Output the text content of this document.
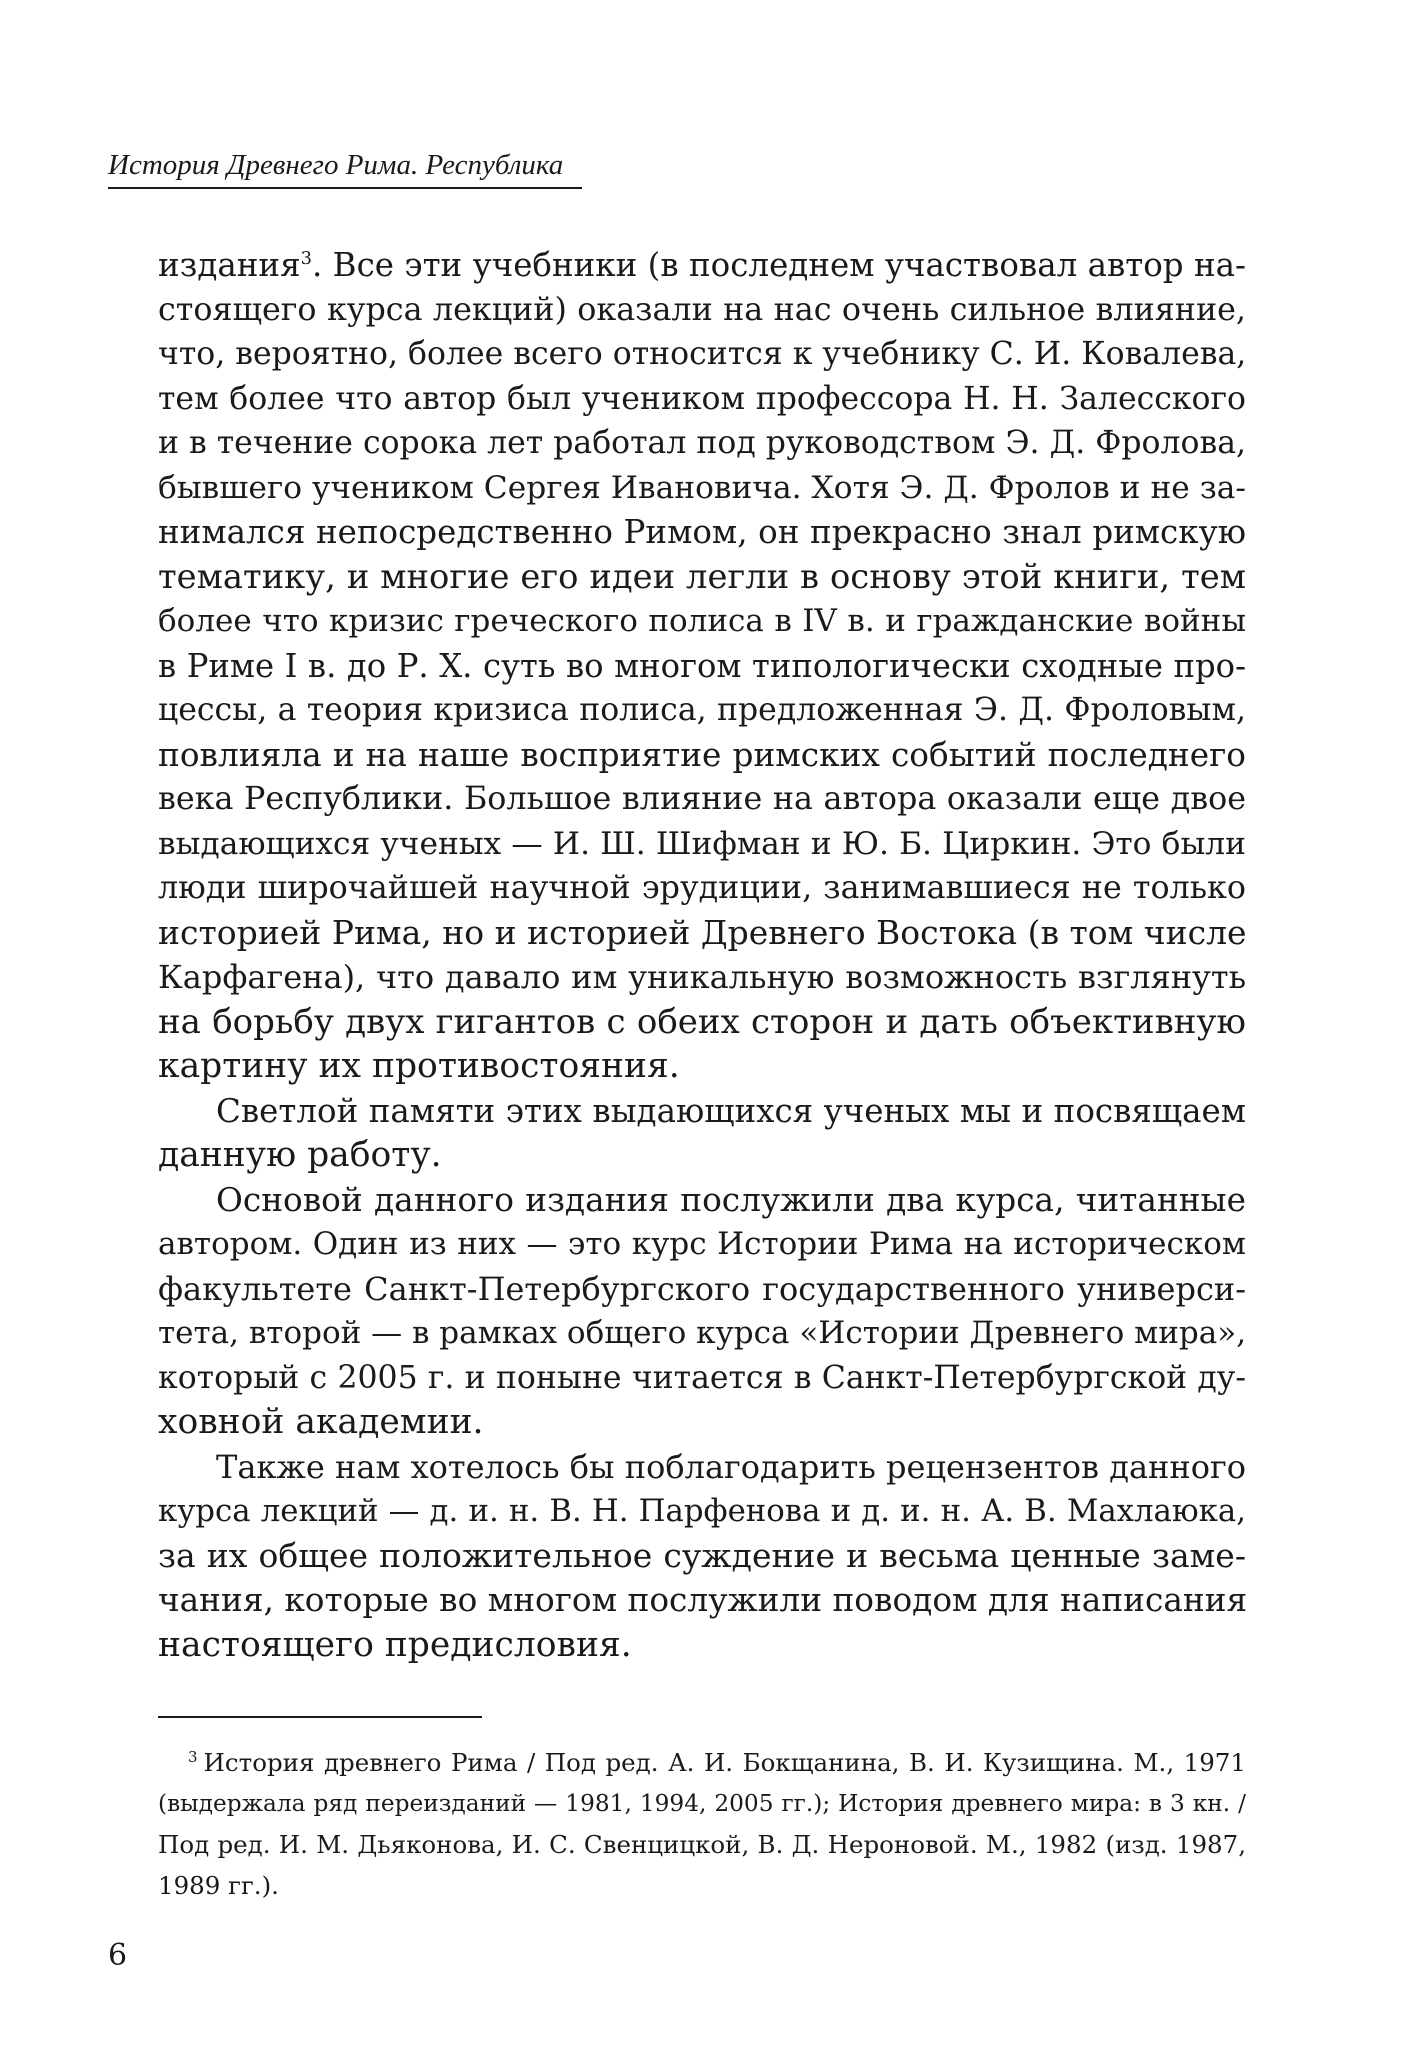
История Древнего Рима. Республика
издания$^3$. Все эти учебники (в последнем участвовал автор на-
стоящего курса лекций) оказали на нас очень сильное влияние,
что, вероятно, более всего относится к учебнику С. И. Ковалева,
тем более что автор был учеником профессора Н. Н. Залесского
и в течение сорока лет работал под руководством Э. Д. Фролова,
бывшего учеником Сергея Ивановича. Хотя Э. Д. Фролов и не за-
нимался непосредственно Римом, он прекрасно знал римскую
тематику, и многие его идеи легли в основу этой книги, тем
более что кризис греческого полиса в IV в. и гражданские войны
в Риме I в. до Р. Х. суть во многом типологически сходные про-
цессы, а теория кризиса полиса, предложенная Э. Д. Фроловым,
повлияла и на наше восприятие римских событий последнего
века Республики. Большое влияние на автора оказали еще двое
выдающихся ученых — И. Ш. Шифман и Ю. Б. Циркин. Это были
люди широчайшей научной эрудиции, занимавшиеся не только
историей Рима, но и историей Древнего Востока (в том числе
Карфагена), что давало им уникальную возможность взглянуть
на борьбу двух гигантов с обеих сторон и дать объективную
картину их противостояния.
Светлой памяти этих выдающихся ученых мы и посвящаем
данную работу.
Основой данного издания послужили два курса, читанные
автором. Один из них — это курс Истории Рима на историческом
факультете Санкт-Петербургского государственного универси-
тета, второй — в рамках общего курса «Истории Древнего мира»,
который с 2005 г. и поныне читается в Санкт-Петербургской ду-
ховной академии.
Также нам хотелось бы поблагодарить рецензентов данного
курса лекций — д. и. н. В. Н. Парфенова и д. и. н. А. В. Махлаюка,
за их общее положительное суждение и весьма ценные заме-
чания, которые во многом послужили поводом для написания
настоящего предисловия.
$^3$ История древнего Рима / Под ред. А. И. Бокщанина, В. И. Кузищина. М., 1971
(выдержала ряд переизданий — 1981, 1994, 2005 гг.); История древнего мира: в 3 кн. /
Под ред. И. М. Дьяконова, И. С. Свенцицкой, В. Д. Нероновой. М., 1982 (изд. 1987,
1989 гг.).
6
